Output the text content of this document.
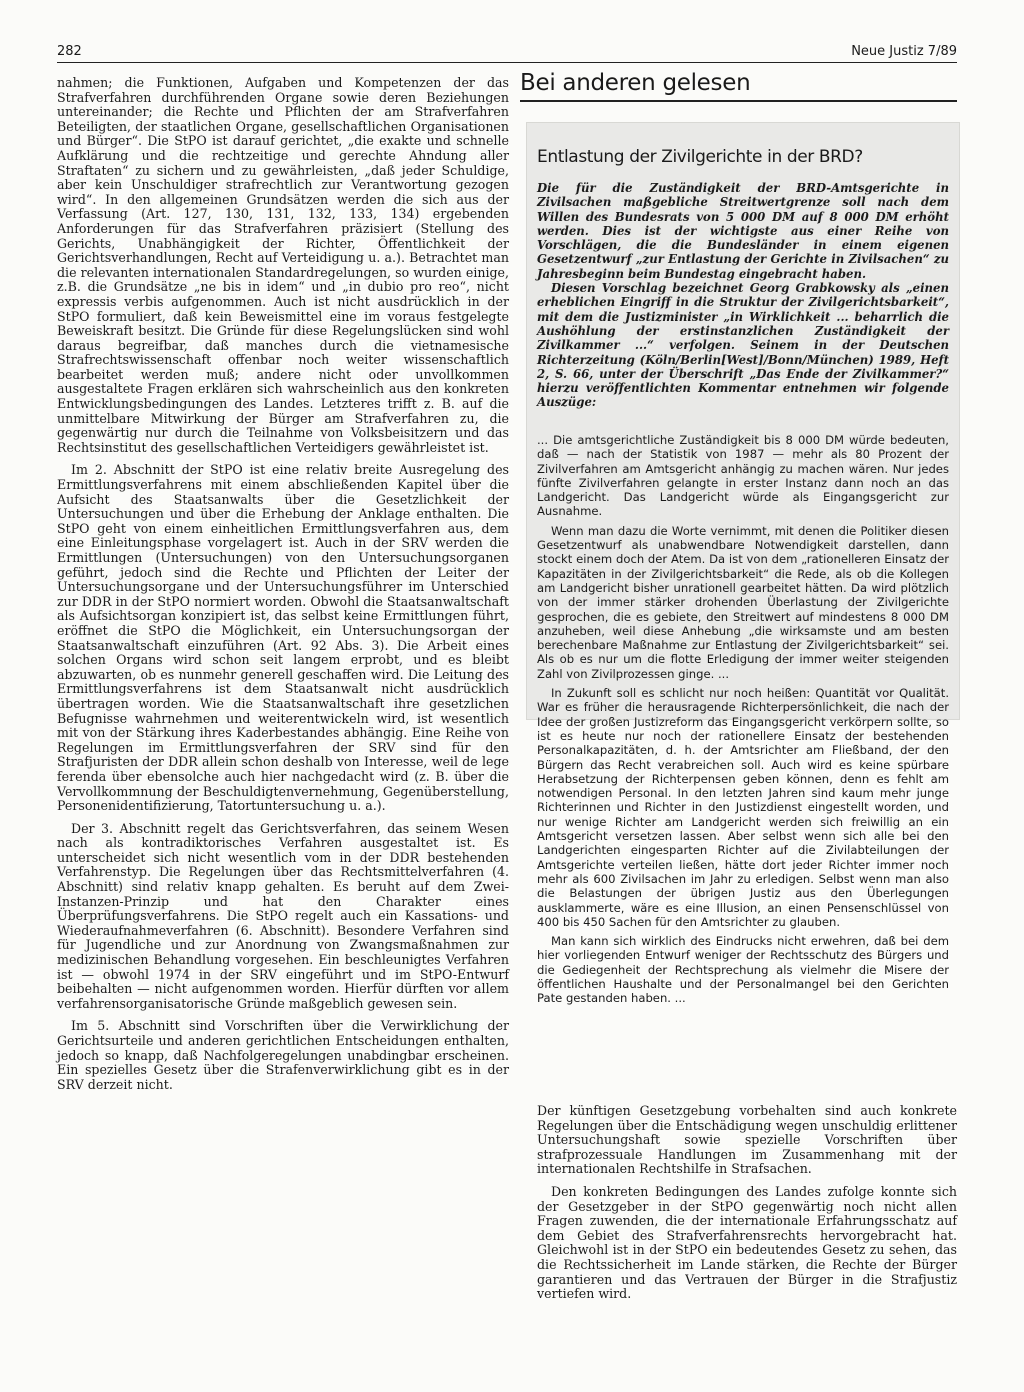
282	Neue Justiz 7/89

nahmen; die Funktionen, Aufgaben und Kompetenzen der das Strafverfahren durchführenden Organe sowie deren Beziehungen untereinander; die Rechte und Pflichten der am Strafverfahren Beteiligten, der staatlichen Organe, gesellschaftlichen Organisationen und Bürger“. Die StPO ist darauf gerichtet, „die exakte und schnelle Aufklärung und die rechtzeitige und gerechte Ahndung aller Straftaten“ zu sichern und zu gewährleisten, „daß jeder Schuldige, aber kein Unschuldiger strafrechtlich zur Verantwortung gezogen wird“. In den allgemeinen Grundsätzen werden die sich aus der Verfassung (Art. 127, 130, 131, 132, 133, 134) ergebenden Anforderungen für das Strafverfahren präzisiert (Stellung des Gerichts, Unabhängigkeit der Richter, Öffentlichkeit der Gerichtsverhandlungen, Recht auf Verteidigung u. a.). Betrachtet man die relevanten internationalen Standardregelungen, so wurden einige, z.B. die Grundsätze „ne bis in idem“ und „in dubio pro reo“, nicht expressis verbis aufgenommen. Auch ist nicht ausdrücklich in der StPO formuliert, daß kein Beweismittel eine im voraus festgelegte Beweiskraft besitzt. Die Gründe für diese Regelungslücken sind wohl daraus begreifbar, daß manches durch die vietnamesische Strafrechtswissenschaft offenbar noch weiter wissenschaftlich bearbeitet werden muß; andere nicht oder unvollkommen ausgestaltete Fragen erklären sich wahrscheinlich aus den konkreten Entwicklungsbedingungen des Landes. Letzteres trifft z. B. auf die unmittelbare Mitwirkung der Bürger am Strafverfahren zu, die gegenwärtig nur durch die Teilnahme von Volksbeisitzern und das Rechtsinstitut des gesellschaftlichen Verteidigers gewährleistet ist.

Im 2. Abschnitt der StPO ist eine relativ breite Ausregelung des Ermittlungsverfahrens mit einem abschließenden Kapitel über die Aufsicht des Staatsanwalts über die Gesetzlichkeit der Untersuchungen und über die Erhebung der Anklage enthalten. Die StPO geht von einem einheitlichen Ermittlungsverfahren aus, dem eine Einleitungsphase vorgelagert ist. Auch in der SRV werden die Ermittlungen (Untersuchungen) von den Untersuchungsorganen geführt, jedoch sind die Rechte und Pflichten der Leiter der Untersuchungsorgane und der Untersuchungsführer im Unterschied zur DDR in der StPO normiert worden. Obwohl die Staatsanwaltschaft als Aufsichtsorgan konzipiert ist, das selbst keine Ermittlungen führt, eröffnet die StPO die Möglichkeit, ein Untersuchungsorgan der Staatsanwaltschaft einzuführen (Art. 92 Abs. 3). Die Arbeit eines solchen Organs wird schon seit langem erprobt, und es bleibt abzuwarten, ob es nunmehr generell geschaffen wird. Die Leitung des Ermittlungsverfahrens ist dem Staatsanwalt nicht ausdrücklich übertragen worden. Wie die Staatsanwaltschaft ihre gesetzlichen Befugnisse wahrnehmen und weiterentwickeln wird, ist wesentlich mit von der Stärkung ihres Kaderbestandes abhängig. Eine Reihe von Regelungen im Ermittlungsverfahren der SRV sind für den Strafjuristen der DDR allein schon deshalb von Interesse, weil de lege ferenda über ebensolche auch hier nachgedacht wird (z. B. über die Vervollkommnung der Beschuldigtenvernehmung, Gegenüberstellung, Personenidentifizierung, Tatortuntersuchung u. a.).

Der 3. Abschnitt regelt das Gerichtsverfahren, das seinem Wesen nach als kontradiktorisches Verfahren ausgestaltet ist. Es unterscheidet sich nicht wesentlich vom in der DDR bestehenden Verfahrenstyp. Die Regelungen über das Rechtsmittelverfahren (4. Abschnitt) sind relativ knapp gehalten. Es beruht auf dem Zwei-Instanzen-Prinzip und hat den Charakter eines Überprüfungsverfahrens. Die StPO regelt auch ein Kassations- und Wiederaufnahmeverfahren (6. Abschnitt). Besondere Verfahren sind für Jugendliche und zur Anordnung von Zwangsmaßnahmen zur medizinischen Behandlung vorgesehen. Ein beschleunigtes Verfahren ist — obwohl 1974 in der SRV eingeführt und im StPO-Entwurf beibehalten — nicht aufgenommen worden. Hierfür dürften vor allem verfahrensorganisatorische Gründe maßgeblich gewesen sein.

Im 5. Abschnitt sind Vorschriften über die Verwirklichung der Gerichtsurteile und anderen gerichtlichen Entscheidungen enthalten, jedoch so knapp, daß Nachfolgeregelungen unabdingbar erscheinen. Ein spezielles Gesetz über die Strafenverwirklichung gibt es in der SRV derzeit nicht.

Bei anderen gelesen
Entlastung der Zivilgerichte in der BRD?

Die für die Zuständigkeit der BRD-Amtsgerichte in Zivilsachen maßgebliche Streitwertgrenze soll nach dem Willen des Bundesrats von 5 000 DM auf 8 000 DM erhöht werden. Dies ist der wichtigste aus einer Reihe von Vorschlägen, die die Bundesländer in einem eigenen Gesetzentwurf „zur Entlastung der Gerichte in Zivilsachen“ zu Jahresbeginn beim Bundestag eingebracht haben.

Diesen Vorschlag bezeichnet Georg Grabkowsky als „einen erheblichen Eingriff in die Struktur der Zivilgerichtsbarkeit“, mit dem die Justizminister „in Wirklichkeit ... beharrlich die Aushöhlung der erstinstanzlichen Zuständigkeit der Zivilkammer ...“ verfolgen. Seinem in der Deutschen Richterzeitung (Köln/Berlin[West]/Bonn/München) 1989, Heft 2, S. 66, unter der Überschrift „Das Ende der Zivilkammer?“ hierzu veröffentlichten Kommentar entnehmen wir folgende Auszüge:

... Die amtsgerichtliche Zuständigkeit bis 8 000 DM würde bedeuten, daß — nach der Statistik von 1987 — mehr als 80 Prozent der Zivilverfahren am Amtsgericht anhängig zu machen wären. Nur jedes fünfte Zivilverfahren gelangte in erster Instanz dann noch an das Landgericht. Das Landgericht würde als Eingangsgericht zur Ausnahme.

Wenn man dazu die Worte vernimmt, mit denen die Politiker diesen Gesetzentwurf als unabwendbare Notwendigkeit darstellen, dann stockt einem doch der Atem. Da ist von dem „rationelleren Einsatz der Kapazitäten in der Zivilgerichtsbarkeit“ die Rede, als ob die Kollegen am Landgericht bisher unrationell gearbeitet hätten. Da wird plötzlich von der immer stärker drohenden Überlastung der Zivilgerichte gesprochen, die es gebiete, den Streitwert auf mindestens 8 000 DM anzuheben, weil diese Anhebung „die wirksamste und am besten berechenbare Maßnahme zur Entlastung der Zivilgerichtsbarkeit“ sei. Als ob es nur um die flotte Erledigung der immer weiter steigenden Zahl von Zivilprozessen ginge. ...

In Zukunft soll es schlicht nur noch heißen: Quantität vor Qualität. War es früher die herausragende Richterpersönlichkeit, die nach der Idee der großen Justizreform das Eingangsgericht verkörpern sollte, so ist es heute nur noch der rationellere Einsatz der bestehenden Personalkapazitäten, d. h. der Amtsrichter am Fließband, der den Bürgern das Recht verabreichen soll. Auch wird es keine spürbare Herabsetzung der Richterpensen geben können, denn es fehlt am notwendigen Personal. In den letzten Jahren sind kaum mehr junge Richterinnen und Richter in den Justizdienst eingestellt worden, und nur wenige Richter am Landgericht werden sich freiwillig an ein Amtsgericht versetzen lassen. Aber selbst wenn sich alle bei den Landgerichten eingesparten Richter auf die Zivilabteilungen der Amtsgerichte verteilen ließen, hätte dort jeder Richter immer noch mehr als 600 Zivilsachen im Jahr zu erledigen. Selbst wenn man also die Belastungen der übrigen Justiz aus den Überlegungen ausklammerte, wäre es eine Illusion, an einen Pensenschlüssel von 400 bis 450 Sachen für den Amtsrichter zu glauben.

Man kann sich wirklich des Eindrucks nicht erwehren, daß bei dem hier vorliegenden Entwurf weniger der Rechtsschutz des Bürgers und die Gediegenheit der Rechtsprechung als vielmehr die Misere der öffentlichen Haushalte und der Personalmangel bei den Gerichten Pate gestanden haben. ...

Der künftigen Gesetzgebung vorbehalten sind auch konkrete Regelungen über die Entschädigung wegen unschuldig erlittener Untersuchungshaft sowie spezielle Vorschriften über strafprozessuale Handlungen im Zusammenhang mit der internationalen Rechtshilfe in Strafsachen.

Den konkreten Bedingungen des Landes zufolge konnte sich der Gesetzgeber in der StPO gegenwärtig noch nicht allen Fragen zuwenden, die der internationale Erfahrungsschatz auf dem Gebiet des Strafverfahrensrechts hervorgebracht hat. Gleichwohl ist in der StPO ein bedeutendes Gesetz zu sehen, das die Rechtssicherheit im Lande stärken, die Rechte der Bürger garantieren und das Vertrauen der Bürger in die Strafjustiz vertiefen wird.
